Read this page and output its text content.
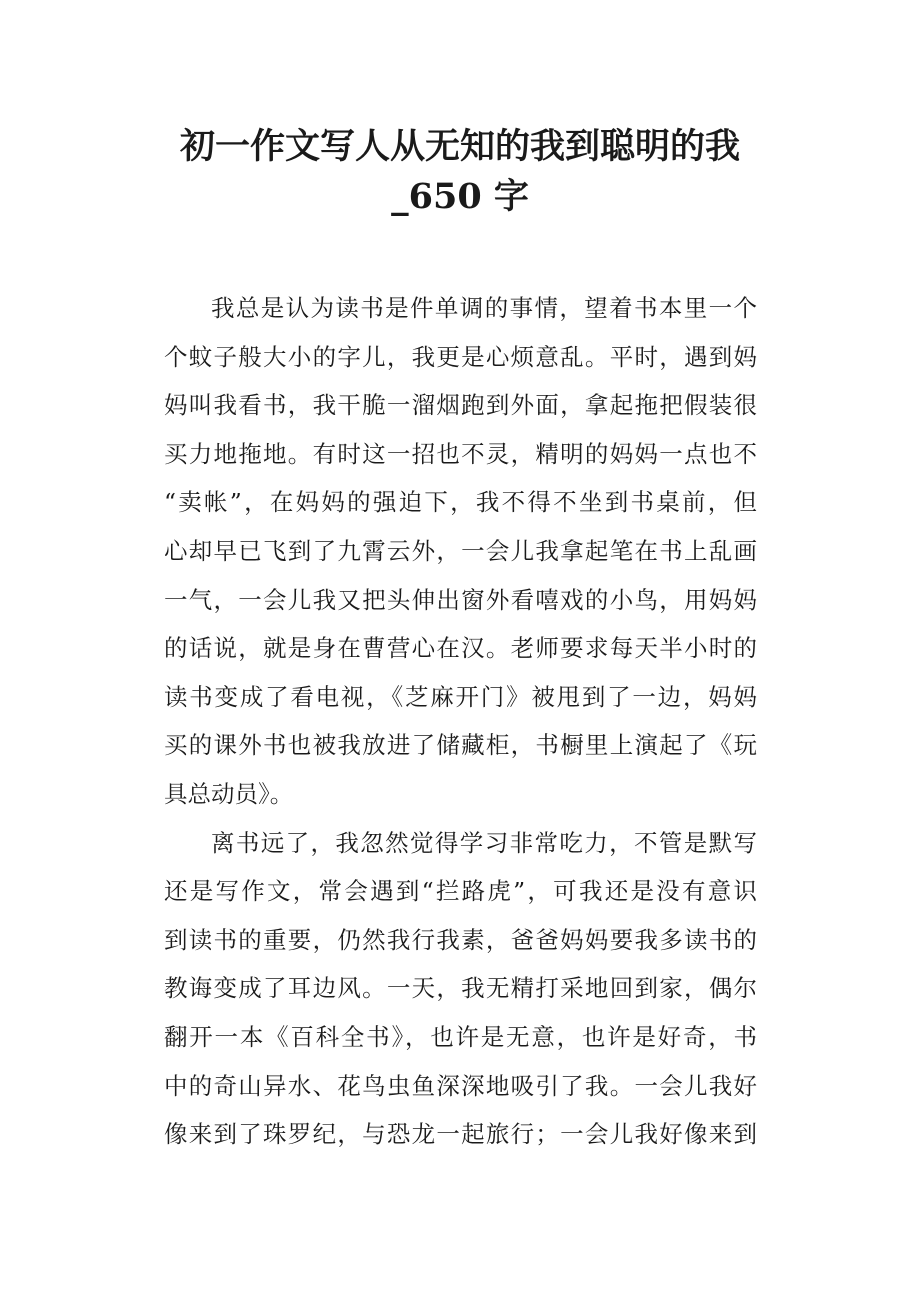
初一作文写人从无知的我到聪明的我
_650 字

我总是认为读书是件单调的事情，望着书本里一个
个蚊子般大小的字儿，我更是心烦意乱。平时，遇到妈
妈叫我看书，我干脆一溜烟跑到外面，拿起拖把假装很
买力地拖地。有时这一招也不灵，精明的妈妈一点也不
“卖帐”，在妈妈的强迫下，我不得不坐到书桌前，但
心却早已飞到了九霄云外，一会儿我拿起笔在书上乱画
一气，一会儿我又把头伸出窗外看嘻戏的小鸟，用妈妈
的话说，就是身在曹营心在汉。老师要求每天半小时的
读书变成了看电视，《芝麻开门》被甩到了一边，妈妈
买的课外书也被我放进了储藏柜，书橱里上演起了《玩
具总动员》。

离书远了，我忽然觉得学习非常吃力，不管是默写
还是写作文，常会遇到“拦路虎”，可我还是没有意识
到读书的重要，仍然我行我素，爸爸妈妈要我多读书的
教诲变成了耳边风。一天，我无精打采地回到家，偶尔
翻开一本《百科全书》，也许是无意，也许是好奇，书
中的奇山异水、花鸟虫鱼深深地吸引了我。一会儿我好
像来到了珠罗纪，与恐龙一起旅行；一会儿我好像来到
